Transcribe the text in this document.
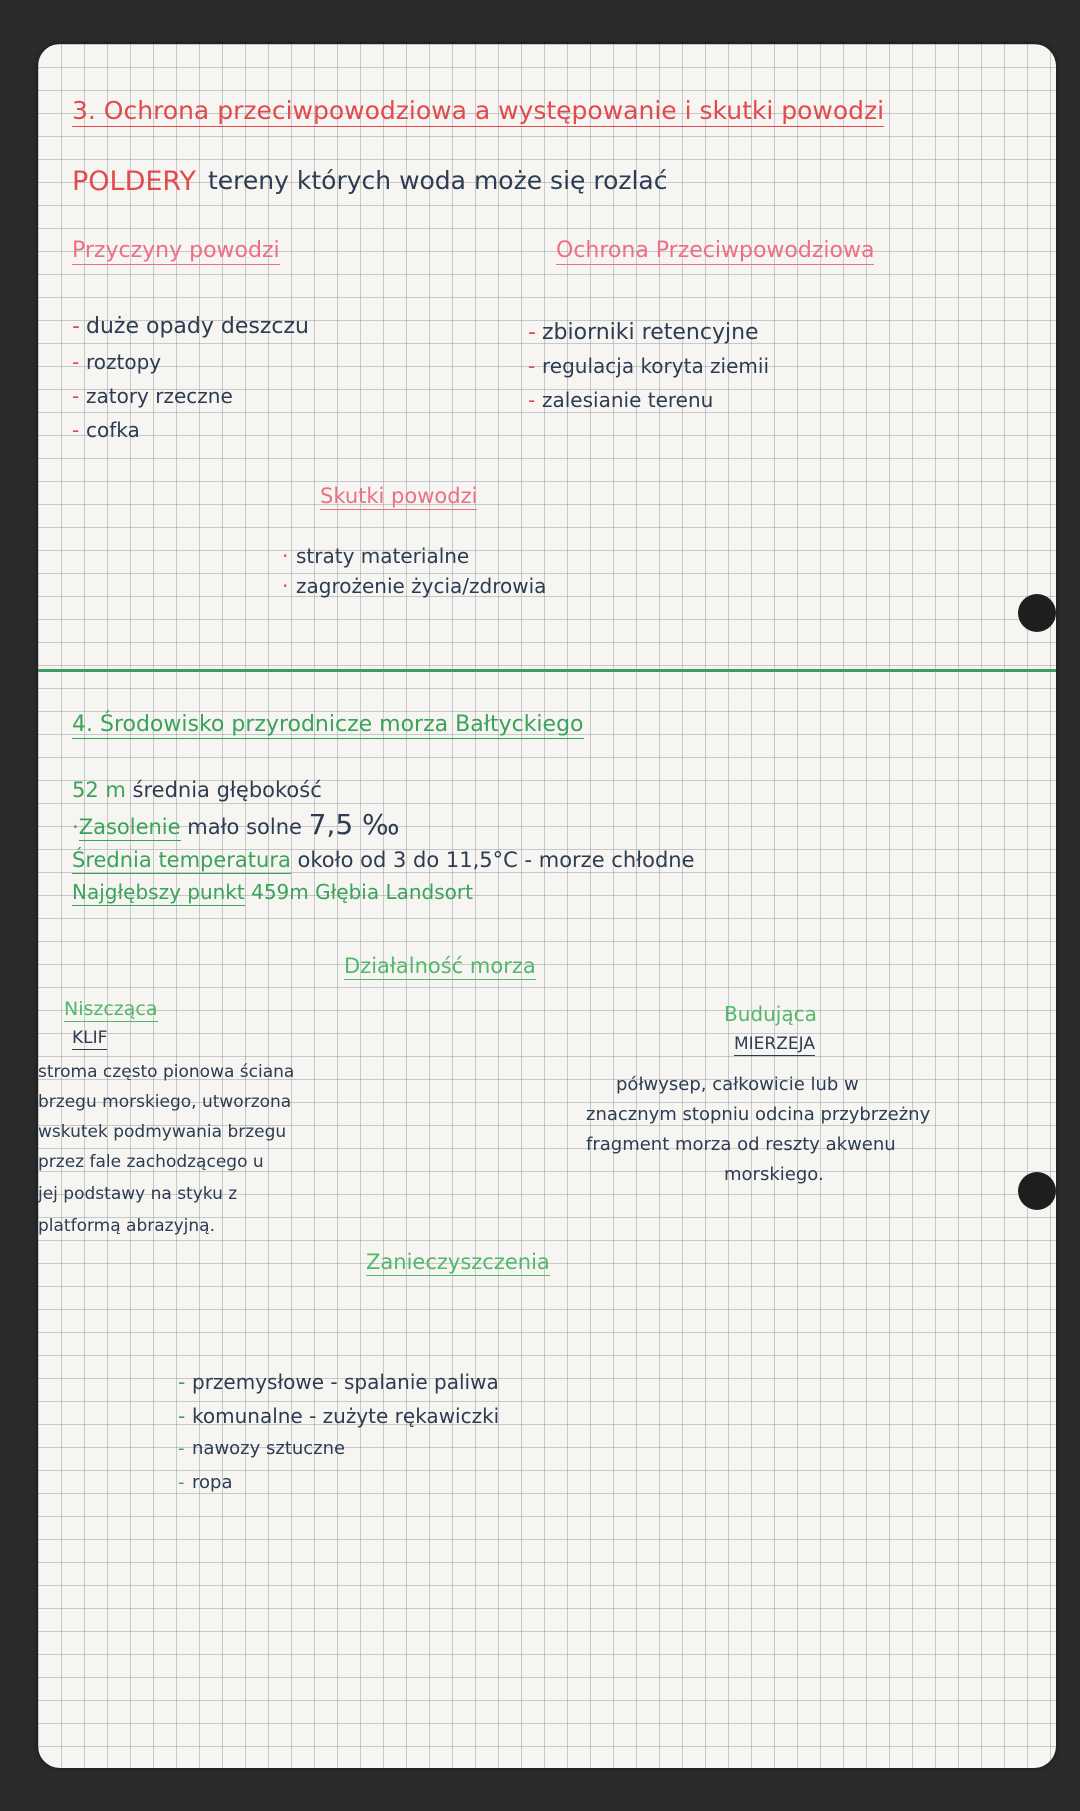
3. Ochrona przeciwpowodziowa a występowanie i skutki powodzi
POLDERY tereny których woda może się rozlać
Przyczyny powodzi	Ochrona Przeciwpowodziowa
- duże opady deszczu
- roztopy
- zatory rzeczne
- cofka
- zbiorniki retencyjne
- regulacja koryta ziemii
- zalesianie terenu
Skutki powodzi
· straty materialne
· zagrożenie życia/zdrowia
4. Środowisko przyrodnicze morza Bałtyckiego
52 m średnia głębokość
·Zasolenie mało solne 7,5 ‰
Średnia temperatura około od 3 do 11,5°C - morze chłodne
Najgłębszy punkt 459m Głębia Landsort
Działalność morza
Niszcząca
KLIF
stroma często pionowa ściana
brzegu morskiego, utworzona
wskutek podmywania brzegu
przez fale zachodzącego u
jej podstawy na styku z
platformą abrazyjną.
Budująca
MIERZEJA
półwysep, całkowicie lub w
znacznym stopniu odcina przybrzeżny
fragment morza od reszty akwenu
morskiego.
Zanieczyszczenia
- przemysłowe - spalanie paliwa
- komunalne - zużyte rękawiczki
- nawozy sztuczne
- ropa
